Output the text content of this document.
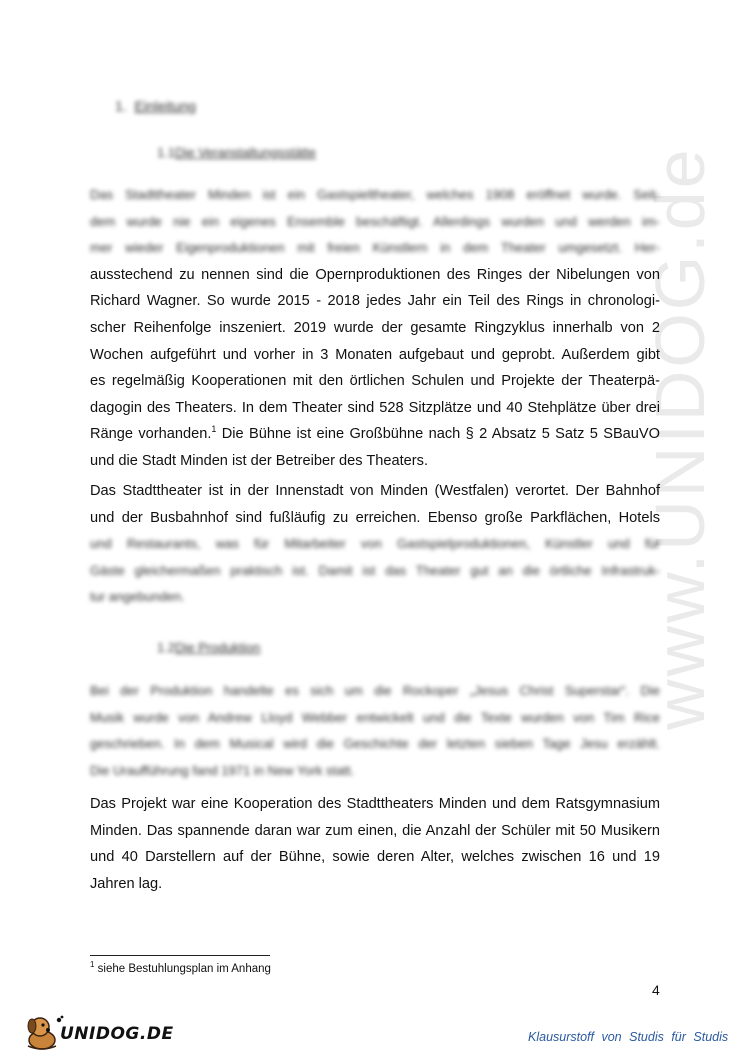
www.UNIDOG.de
1. Einleitung
1.1Die Veranstaltungsstätte
Das Stadttheater Minden ist ein Gastspieltheater, welches 1908 eröffnet wurde. Seit-
dem wurde nie ein eigenes Ensemble beschäftigt. Allerdings wurden und werden im-
mer wieder Eigenproduktionen mit freien Künstlern in dem Theater umgesetzt. Her-
ausstechend zu nennen sind die Opernproduktionen des Ringes der Nibelungen von
Richard Wagner. So wurde 2015 - 2018 jedes Jahr ein Teil des Rings in chronologi-
scher Reihenfolge inszeniert. 2019 wurde der gesamte Ringzyklus innerhalb von 2
Wochen aufgeführt und vorher in 3 Monaten aufgebaut und geprobt. Außerdem gibt
es regelmäßig Kooperationen mit den örtlichen Schulen und Projekte der Theaterpä-
dagogin des Theaters. In dem Theater sind 528 Sitzplätze und 40 Stehplätze über drei
Ränge vorhanden.$^1$ Die Bühne ist eine Großbühne nach § 2 Absatz 5 Satz 5 SBauVO
und die Stadt Minden ist der Betreiber des Theaters.
Das Stadttheater ist in der Innenstadt von Minden (Westfalen) verortet. Der Bahnhof
und der Busbahnhof sind fußläufig zu erreichen. Ebenso große Parkflächen, Hotels
und Restaurants, was für Mitarbeiter von Gastspielproduktionen, Künstler und für
Gäste gleichermaßen praktisch ist. Damit ist das Theater gut an die örtliche Infrastruk-
tur angebunden.
1.2Die Produktion
Bei der Produktion handelte es sich um die Rockoper „Jesus Christ Superstar“. Die
Musik wurde von Andrew Lloyd Webber entwickelt und die Texte wurden von Tim Rice
geschrieben. In dem Musical wird die Geschichte der letzten sieben Tage Jesu erzählt.
Die Uraufführung fand 1971 in New York statt.
Das Projekt war eine Kooperation des Stadttheaters Minden und dem Ratsgymnasium
Minden. Das spannende daran war zum einen, die Anzahl der Schüler mit 50 Musikern
und 40 Darstellern auf der Bühne, sowie deren Alter, welches zwischen 16 und 19
Jahren lag.
$^1$ siehe Bestuhlungsplan im Anhang
4
UNIDOG.DE	Klausurstoff von Studis für Studis
